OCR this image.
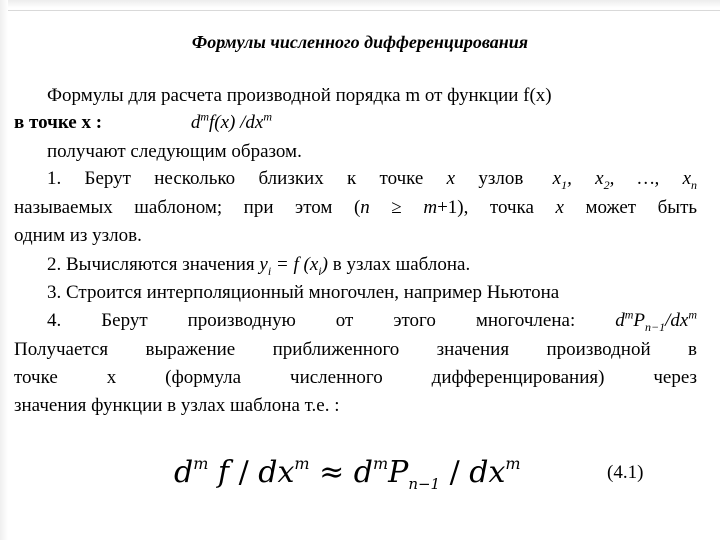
Формулы численного дифференцирования
Формулы для расчета производной порядка m от функции f(x)
в точке x :	$d^mf(x)$ $/dx^m$
получают следующим образом.
1. Берут несколько близких к точке x узлов $x_1$, $x_2$, …, $x_n$
называемых шаблоном; при этом (n ≥ m+1), точка x может быть
одним из узлов.
2. Вычисляются значения $y_i = f$ $(x_i)$ в узлах шаблона.
3. Строится интерполяционный многочлен, например Ньютона
4. Берут производную от этого многочлена: $d^mP_{n-1}/dx^m$
Получается выражение приближенного значения производной в
точке х (формула численного дифференцирования) через
значения функции в узлах шаблона т.е. :
$d^m$ $f / dx^m \approx d^mP_{n-1} / dx^m$	(4.1)
